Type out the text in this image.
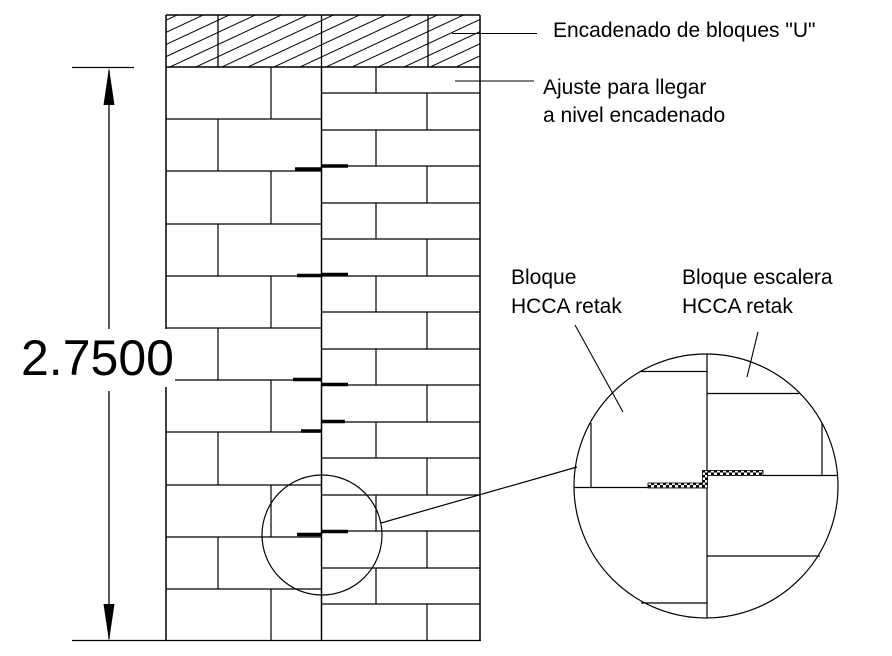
2.7500
Encadenado de bloques "U"
Ajuste para llegar
a nivel encadenado
Bloque
HCCA retak
Bloque escalera
HCCA retak
